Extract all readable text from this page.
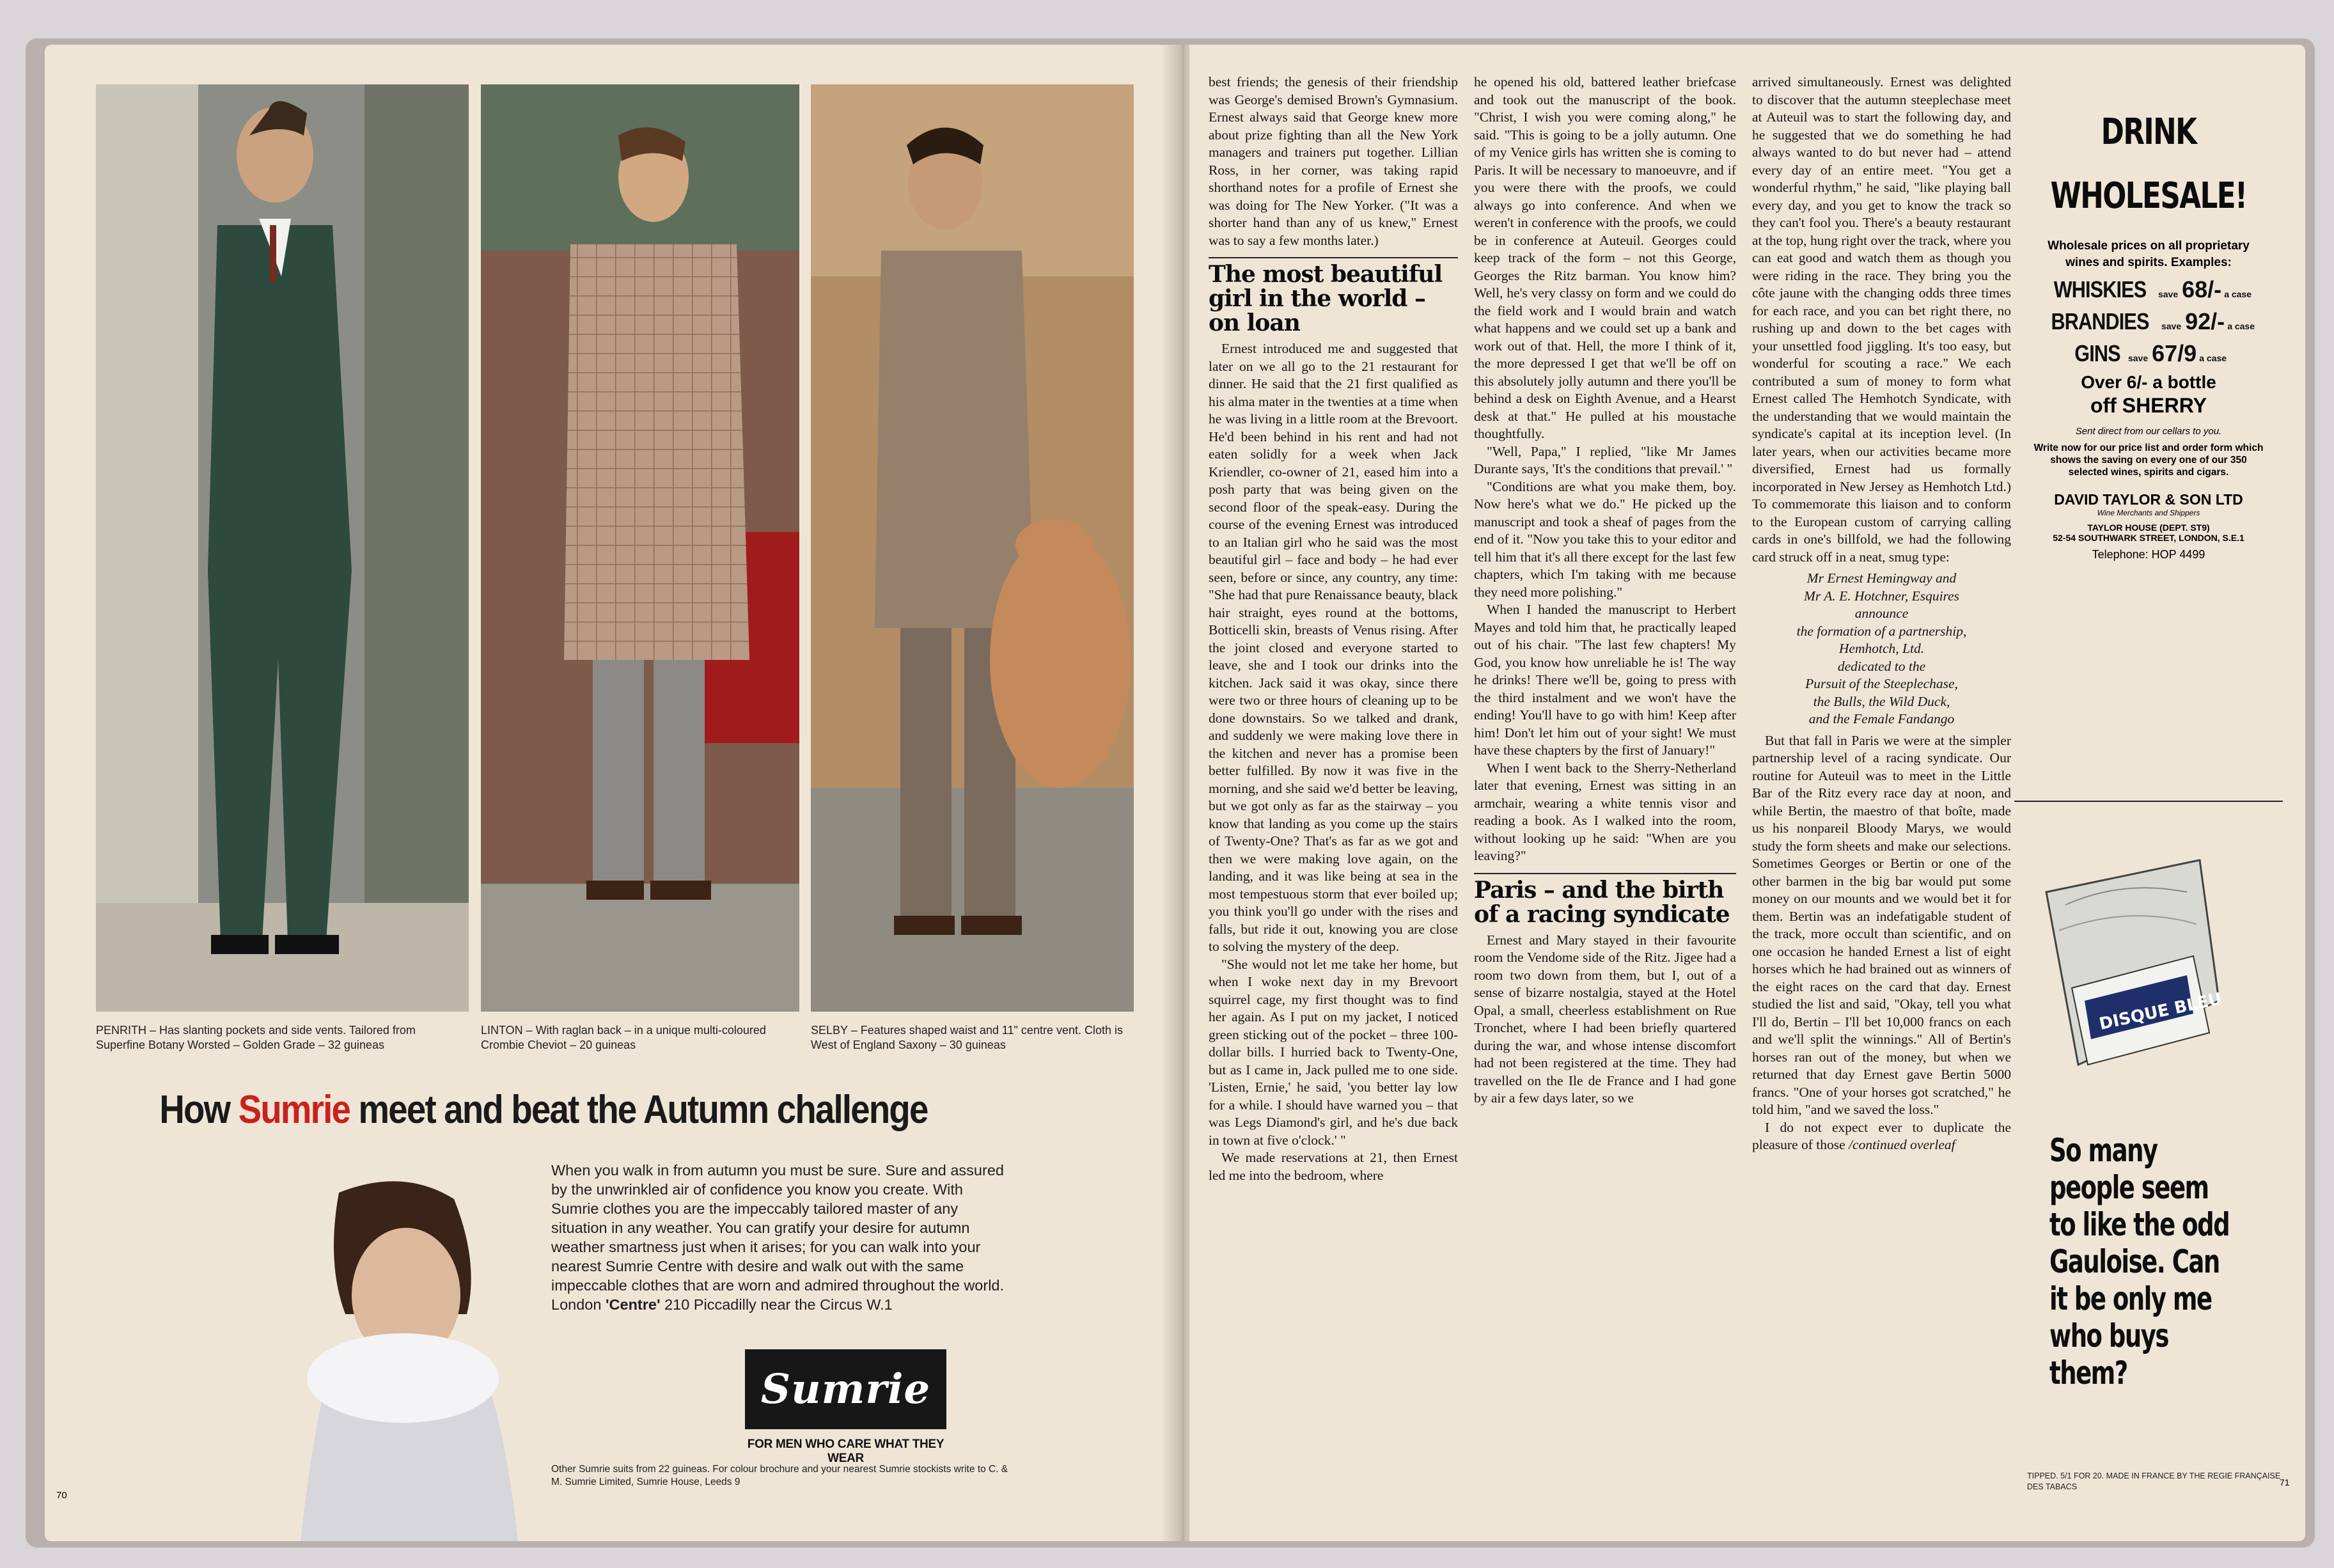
PENRITH – Has slanting pockets and side vents. Tailored from Superfine Botany Worsted – Golden Grade – 32 guineas
LINTON – With raglan back – in a unique multi-coloured Crombie Cheviot – 20 guineas
SELBY – Features shaped waist and 11" centre vent. Cloth is West of England Saxony – 30 guineas
How Sumrie meet and beat the Autumn challenge
When you walk in from autumn you must be sure. Sure and assured by the unwrinkled air of confidence you know you create. With Sumrie clothes you are the impeccably tailored master of any situation in any weather. You can gratify your desire for autumn weather smartness just when it arises; for you can walk into your nearest Sumrie Centre with desire and walk out with the same impeccable clothes that are worn and admired throughout the world. London 'Centre' 210 Piccadilly near the Circus W.1
Sumrie
FOR MEN WHO CARE WHAT THEY WEAR
Other Sumrie suits from 22 guineas. For colour brochure and your nearest Sumrie stockists write to C. & M. Sumrie Limited, Sumrie House, Leeds 9
70

best friends; the genesis of their friendship was George's demised Brown's Gymnasium. Ernest always said that George knew more about prize fighting than all the New York managers and trainers put together. Lillian Ross, in her corner, was taking rapid shorthand notes for a profile of Ernest she was doing for The New Yorker. ("It was a shorter hand than any of us knew," Ernest was to say a few months later.)

The most beautiful girl in the world – on loan

Ernest introduced me and suggested that later on we all go to the 21 restaurant for dinner. He said that the 21 first qualified as his alma mater in the twenties at a time when he was living in a little room at the Brevoort. He'd been behind in his rent and had not eaten solidly for a week when Jack Kriendler, co-owner of 21, eased him into a posh party that was being given on the second floor of the speak-easy. During the course of the evening Ernest was introduced to an Italian girl who he said was the most beautiful girl – face and body – he had ever seen, before or since, any country, any time: "She had that pure Renaissance beauty, black hair straight, eyes round at the bottoms, Botticelli skin, breasts of Venus rising. After the joint closed and everyone started to leave, she and I took our drinks into the kitchen. Jack said it was okay, since there were two or three hours of cleaning up to be done downstairs. So we talked and drank, and suddenly we were making love there in the kitchen and never has a promise been better fulfilled. By now it was five in the morning, and she said we'd better be leaving, but we got only as far as the stairway – you know that landing as you come up the stairs of Twenty-One? That's as far as we got and then we were making love again, on the landing, and it was like being at sea in the most tempestuous storm that ever boiled up; you think you'll go under with the rises and falls, but ride it out, knowing you are close to solving the mystery of the deep.

"She would not let me take her home, but when I woke next day in my Brevoort squirrel cage, my first thought was to find her again. As I put on my jacket, I noticed green sticking out of the pocket – three 100-dollar bills. I hurried back to Twenty-One, but as I came in, Jack pulled me to one side. 'Listen, Ernie,' he said, 'you better lay low for a while. I should have warned you – that was Legs Diamond's girl, and he's due back in town at five o'clock.' "

We made reservations at 21, then Ernest led me into the bedroom, where

he opened his old, battered leather briefcase and took out the manuscript of the book. "Christ, I wish you were coming along," he said. "This is going to be a jolly autumn. One of my Venice girls has written she is coming to Paris. It will be necessary to manoeuvre, and if you were there with the proofs, we could always go into conference. And when we weren't in conference with the proofs, we could be in conference at Auteuil. Georges could keep track of the form – not this George, Georges the Ritz barman. You know him? Well, he's very classy on form and we could do the field work and I would brain and watch what happens and we could set up a bank and work out of that. Hell, the more I think of it, the more depressed I get that we'll be off on this absolutely jolly autumn and there you'll be behind a desk on Eighth Avenue, and a Hearst desk at that." He pulled at his moustache thoughtfully.

"Well, Papa," I replied, "like Mr James Durante says, 'It's the conditions that prevail.' "

"Conditions are what you make them, boy. Now here's what we do." He picked up the manuscript and took a sheaf of pages from the end of it. "Now you take this to your editor and tell him that it's all there except for the last few chapters, which I'm taking with me because they need more polishing."

When I handed the manuscript to Herbert Mayes and told him that, he practically leaped out of his chair. "The last few chapters! My God, you know how unreliable he is! The way he drinks! There we'll be, going to press with the third instalment and we won't have the ending! You'll have to go with him! Keep after him! Don't let him out of your sight! We must have these chapters by the first of January!"

When I went back to the Sherry-Netherland later that evening, Ernest was sitting in an armchair, wearing a white tennis visor and reading a book. As I walked into the room, without looking up he said: "When are you leaving?"

Paris – and the birth of a racing syndicate

Ernest and Mary stayed in their favourite room the Vendome side of the Ritz. Jigee had a room two down from them, but I, out of a sense of bizarre nostalgia, stayed at the Hotel Opal, a small, cheerless establishment on Rue Tronchet, where I had been briefly quartered during the war, and whose intense discomfort had not been registered at the time. They had travelled on the Ile de France and I had gone by air a few days later, so we

arrived simultaneously. Ernest was delighted to discover that the autumn steeplechase meet at Auteuil was to start the following day, and he suggested that we do something he had always wanted to do but never had – attend every day of an entire meet. "You get a wonderful rhythm," he said, "like playing ball every day, and you get to know the track so they can't fool you. There's a beauty restaurant at the top, hung right over the track, where you can eat good and watch them as though you were riding in the race. They bring you the côte jaune with the changing odds three times for each race, and you can bet right there, no rushing up and down to the bet cages with your unsettled food jiggling. It's too easy, but wonderful for scouting a race." We each contributed a sum of money to form what Ernest called The Hemhotch Syndicate, with the understanding that we would maintain the syndicate's capital at its inception level. (In later years, when our activities became more diversified, Ernest had us formally incorporated in New Jersey as Hemhotch Ltd.) To commemorate this liaison and to conform to the European custom of carrying calling cards in one's billfold, we had the following card struck off in a neat, smug type:

Mr Ernest Hemingway and
Mr A. E. Hotchner, Esquires
announce
the formation of a partnership,
Hemhotch, Ltd.
dedicated to the
Pursuit of the Steeplechase,
the Bulls, the Wild Duck,
and the Female Fandango

But that fall in Paris we were at the simpler partnership level of a racing syndicate. Our routine for Auteuil was to meet in the Little Bar of the Ritz every race day at noon, and while Bertin, the maestro of that boîte, made us his nonpareil Bloody Marys, we would study the form sheets and make our selections. Sometimes Georges or Bertin or one of the other barmen in the big bar would put some money on our mounts and we would bet it for them. Bertin was an indefatigable student of the track, more occult than scientific, and on one occasion he handed Ernest a list of eight horses which he had brained out as winners of the eight races on the card that day. Ernest studied the list and said, "Okay, tell you what I'll do, Bertin – I'll bet 10,000 francs on each and we'll split the winnings." All of Bertin's horses ran out of the money, but when we returned that day Ernest gave Bertin 5000 francs. "One of your horses got scratched," he told him, "and we saved the loss."

I do not expect ever to duplicate the pleasure of those /continued overleaf

DRINK
WHOLESALE!
Wholesale prices on all proprietary wines and spirits. Examples:
WHISKIES save 68/- a case
BRANDIES save 92/- a case
GINS save 67/9 a case
Over 6/- a bottle
off SHERRY
Sent direct from our cellars to you.
Write now for our price list and order form which shows the saving on every one of our 350 selected wines, spirits and cigars.
DAVID TAYLOR & SON LTD
Wine Merchants and Shippers
TAYLOR HOUSE (DEPT. ST9)
52-54 SOUTHWARK STREET, LONDON, S.E.1
Telephone: HOP 4499
DISQUE BLEU
So many people seem to like the odd Gauloise. Can it be only me who buys them?
TIPPED. 5/1 FOR 20. MADE IN FRANCE BY THE REGIE FRANÇAISE DES TABACS	71
